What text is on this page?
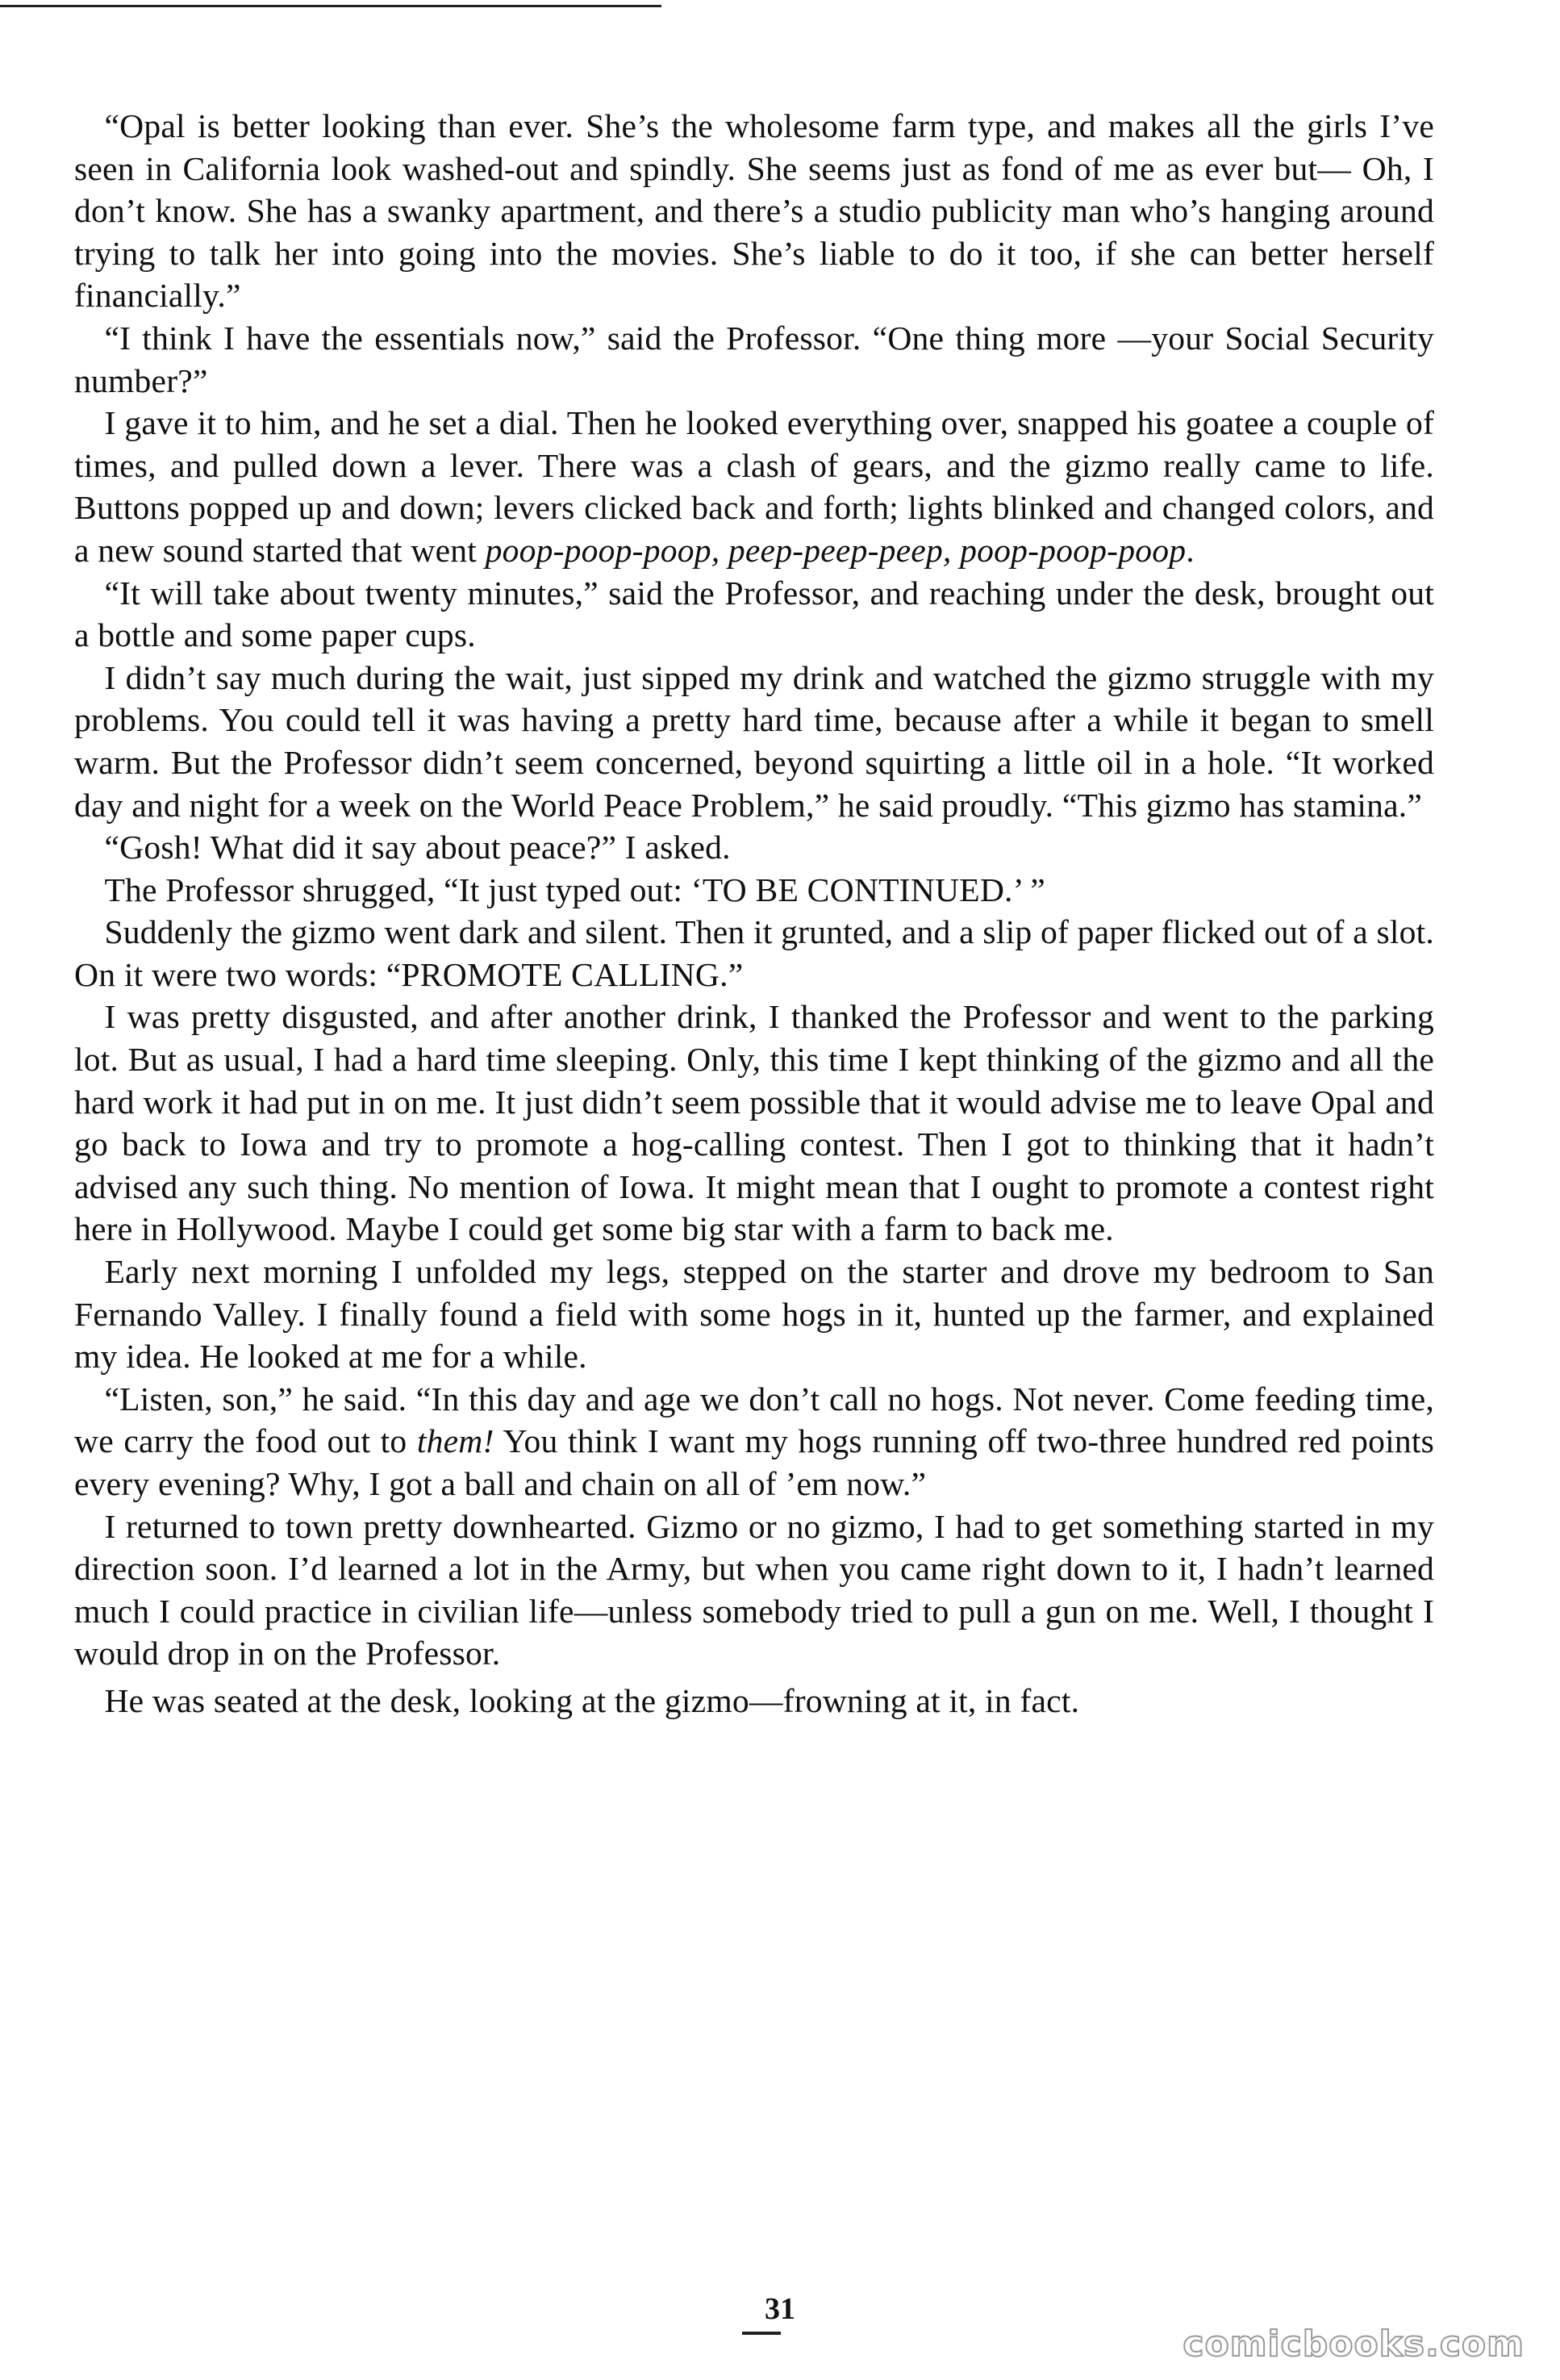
“Opal is better looking than ever. She’s the wholesome farm type, and makes all the girls I’ve seen in California look washed-out and spindly. She seems just as fond of me as ever but— Oh, I don’t know. She has a swanky apartment, and there’s a studio publicity man who’s hanging around trying to talk her into going into the movies. She’s liable to do it too, if she can better herself financially.”

“I think I have the essentials now,” said the Professor. “One thing more —your Social Security number?”

I gave it to him, and he set a dial. Then he looked everything over, snapped his goatee a couple of times, and pulled down a lever. There was a clash of gears, and the gizmo really came to life. Buttons popped up and down; levers clicked back and forth; lights blinked and changed colors, and a new sound started that went poop-poop-poop, peep-peep-peep, poop-poop-poop.

“It will take about twenty minutes,” said the Professor, and reaching under the desk, brought out a bottle and some paper cups.

I didn’t say much during the wait, just sipped my drink and watched the gizmo struggle with my problems. You could tell it was having a pretty hard time, because after a while it began to smell warm. But the Professor didn’t seem concerned, beyond squirting a little oil in a hole. “It worked day and night for a week on the World Peace Problem,” he said proudly. “This gizmo has stamina.”

“Gosh! What did it say about peace?” I asked.

The Professor shrugged, “It just typed out: ‘TO BE CONTINUED.’ ”

Suddenly the gizmo went dark and silent. Then it grunted, and a slip of paper flicked out of a slot. On it were two words: “PROMOTE CALLING.”

I was pretty disgusted, and after another drink, I thanked the Professor and went to the parking lot. But as usual, I had a hard time sleeping. Only, this time I kept thinking of the gizmo and all the hard work it had put in on me. It just didn’t seem possible that it would advise me to leave Opal and go back to Iowa and try to promote a hog-calling contest. Then I got to thinking that it hadn’t advised any such thing. No mention of Iowa. It might mean that I ought to promote a contest right here in Hollywood. Maybe I could get some big star with a farm to back me.

Early next morning I unfolded my legs, stepped on the starter and drove my bedroom to San Fernando Valley. I finally found a field with some hogs in it, hunted up the farmer, and explained my idea. He looked at me for a while.

“Listen, son,” he said. “In this day and age we don’t call no hogs. Not never. Come feeding time, we carry the food out to them! You think I want my hogs running off two-three hundred red points every evening? Why, I got a ball and chain on all of ’em now.”

I returned to town pretty downhearted. Gizmo or no gizmo, I had to get something started in my direction soon. I’d learned a lot in the Army, but when you came right down to it, I hadn’t learned much I could practice in civilian life—unless somebody tried to pull a gun on me. Well, I thought I would drop in on the Professor.

He was seated at the desk, looking at the gizmo—frowning at it, in fact.

31
comicbooks.com
